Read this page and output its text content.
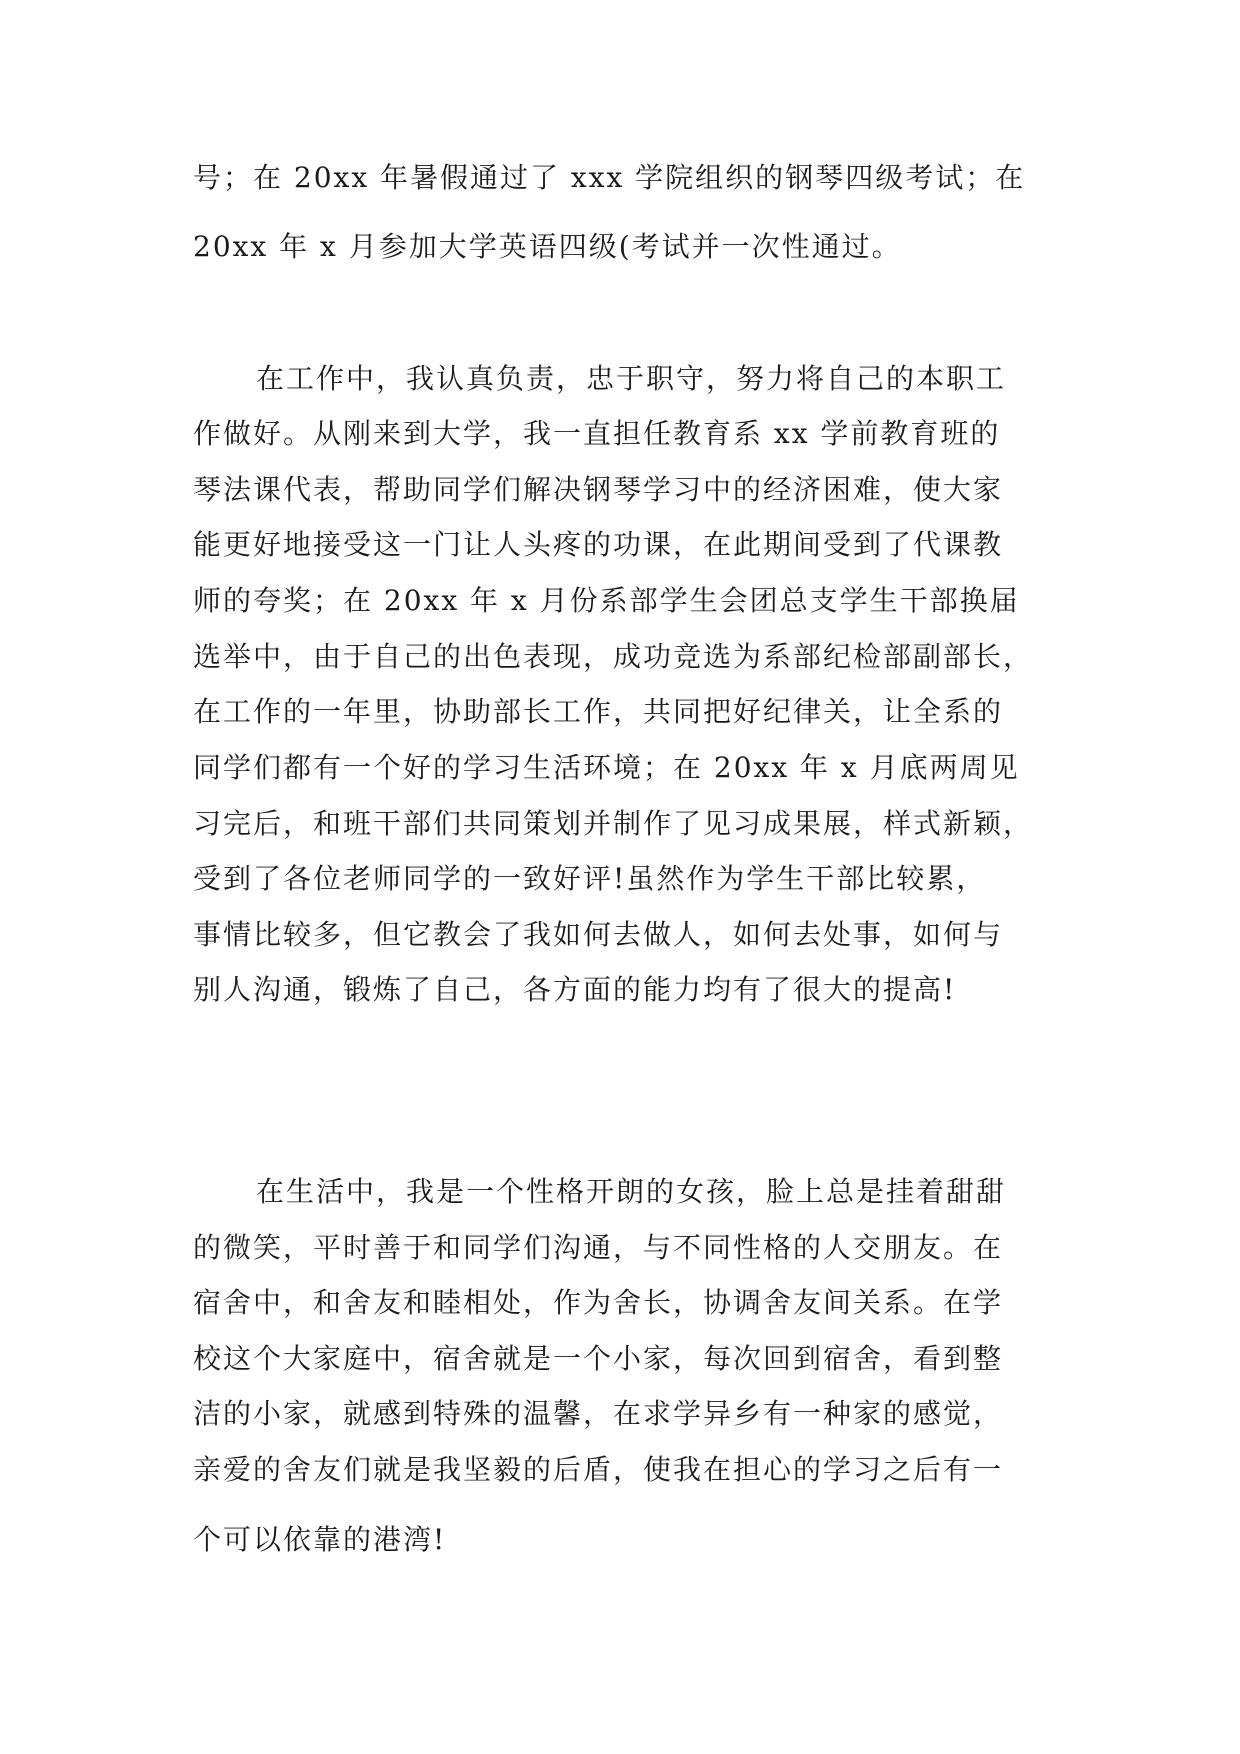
号；在 20xx 年暑假通过了 xxx 学院组织的钢琴四级考试；在

20xx 年 x 月参加大学英语四级(考试并一次性通过。

在工作中，我认真负责，忠于职守，努力将自己的本职工

作做好。从刚来到大学，我一直担任教育系 xx 学前教育班的

琴法课代表，帮助同学们解决钢琴学习中的经济困难，使大家

能更好地接受这一门让人头疼的功课，在此期间受到了代课教

师的夸奖；在 20xx 年 x 月份系部学生会团总支学生干部换届

选举中，由于自己的出色表现，成功竞选为系部纪检部副部长，

在工作的一年里，协助部长工作，共同把好纪律关，让全系的

同学们都有一个好的学习生活环境；在 20xx 年 x 月底两周见

习完后，和班干部们共同策划并制作了见习成果展，样式新颖，

受到了各位老师同学的一致好评!虽然作为学生干部比较累，

事情比较多，但它教会了我如何去做人，如何去处事，如何与

别人沟通，锻炼了自己，各方面的能力均有了很大的提高!

在生活中，我是一个性格开朗的女孩，脸上总是挂着甜甜

的微笑，平时善于和同学们沟通，与不同性格的人交朋友。在

宿舍中，和舍友和睦相处，作为舍长，协调舍友间关系。在学

校这个大家庭中，宿舍就是一个小家，每次回到宿舍，看到整

洁的小家，就感到特殊的温馨，在求学异乡有一种家的感觉，

亲爱的舍友们就是我坚毅的后盾，使我在担心的学习之后有一

个可以依靠的港湾!
